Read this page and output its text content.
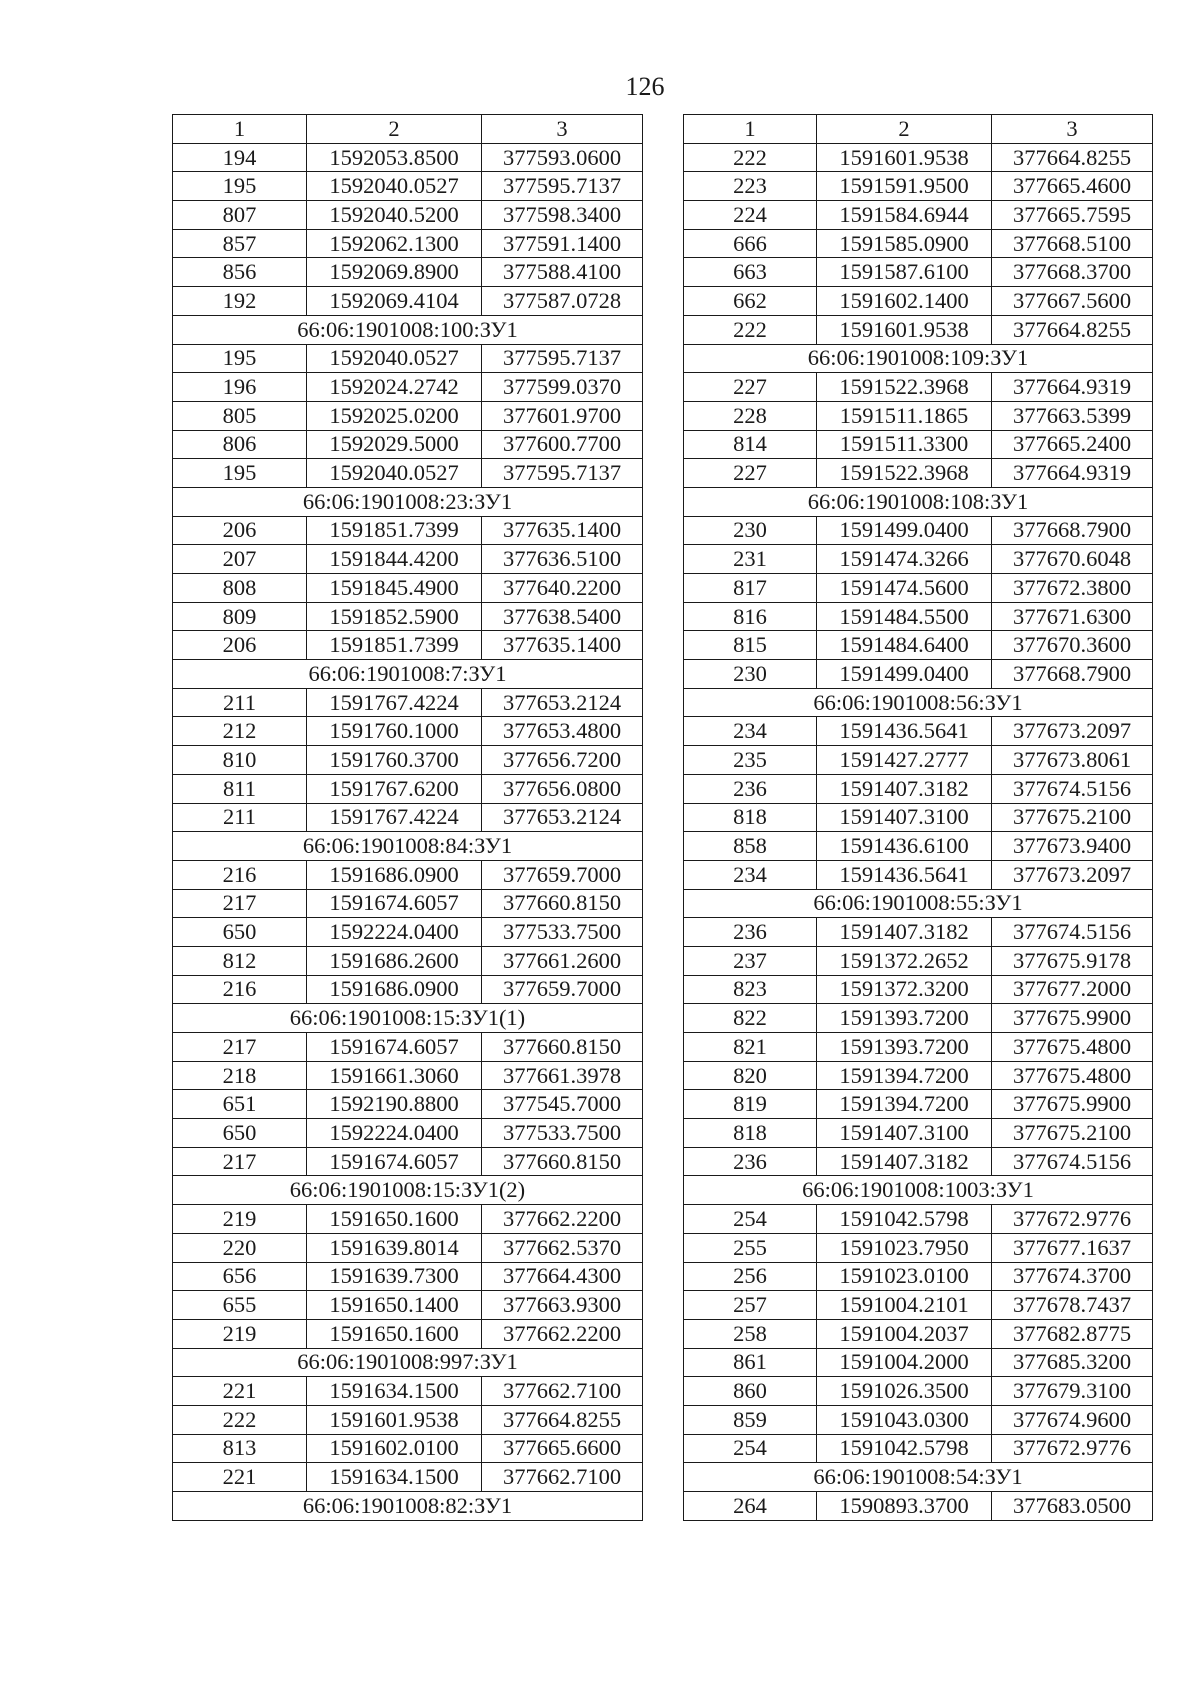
126
1	2	3
194	1592053.8500	377593.0600
195	1592040.0527	377595.7137
807	1592040.5200	377598.3400
857	1592062.1300	377591.1400
856	1592069.8900	377588.4100
192	1592069.4104	377587.0728
66:06:1901008:100:ЗУ1		
195	1592040.0527	377595.7137
196	1592024.2742	377599.0370
805	1592025.0200	377601.9700
806	1592029.5000	377600.7700
195	1592040.0527	377595.7137
66:06:1901008:23:ЗУ1		
206	1591851.7399	377635.1400
207	1591844.4200	377636.5100
808	1591845.4900	377640.2200
809	1591852.5900	377638.5400
206	1591851.7399	377635.1400
66:06:1901008:7:ЗУ1		
211	1591767.4224	377653.2124
212	1591760.1000	377653.4800
810	1591760.3700	377656.7200
811	1591767.6200	377656.0800
211	1591767.4224	377653.2124
66:06:1901008:84:ЗУ1		
216	1591686.0900	377659.7000
217	1591674.6057	377660.8150
650	1592224.0400	377533.7500
812	1591686.2600	377661.2600
216	1591686.0900	377659.7000
66:06:1901008:15:ЗУ1(1)		
217	1591674.6057	377660.8150
218	1591661.3060	377661.3978
651	1592190.8800	377545.7000
650	1592224.0400	377533.7500
217	1591674.6057	377660.8150
66:06:1901008:15:ЗУ1(2)		
219	1591650.1600	377662.2200
220	1591639.8014	377662.5370
656	1591639.7300	377664.4300
655	1591650.1400	377663.9300
219	1591650.1600	377662.2200
66:06:1901008:997:ЗУ1		
221	1591634.1500	377662.7100
222	1591601.9538	377664.8255
813	1591602.0100	377665.6600
221	1591634.1500	377662.7100
66:06:1901008:82:ЗУ1		
1	2	3
222	1591601.9538	377664.8255
223	1591591.9500	377665.4600
224	1591584.6944	377665.7595
666	1591585.0900	377668.5100
663	1591587.6100	377668.3700
662	1591602.1400	377667.5600
222	1591601.9538	377664.8255
66:06:1901008:109:ЗУ1		
227	1591522.3968	377664.9319
228	1591511.1865	377663.5399
814	1591511.3300	377665.2400
227	1591522.3968	377664.9319
66:06:1901008:108:ЗУ1		
230	1591499.0400	377668.7900
231	1591474.3266	377670.6048
817	1591474.5600	377672.3800
816	1591484.5500	377671.6300
815	1591484.6400	377670.3600
230	1591499.0400	377668.7900
66:06:1901008:56:ЗУ1		
234	1591436.5641	377673.2097
235	1591427.2777	377673.8061
236	1591407.3182	377674.5156
818	1591407.3100	377675.2100
858	1591436.6100	377673.9400
234	1591436.5641	377673.2097
66:06:1901008:55:ЗУ1		
236	1591407.3182	377674.5156
237	1591372.2652	377675.9178
823	1591372.3200	377677.2000
822	1591393.7200	377675.9900
821	1591393.7200	377675.4800
820	1591394.7200	377675.4800
819	1591394.7200	377675.9900
818	1591407.3100	377675.2100
236	1591407.3182	377674.5156
66:06:1901008:1003:ЗУ1		
254	1591042.5798	377672.9776
255	1591023.7950	377677.1637
256	1591023.0100	377674.3700
257	1591004.2101	377678.7437
258	1591004.2037	377682.8775
861	1591004.2000	377685.3200
860	1591026.3500	377679.3100
859	1591043.0300	377674.9600
254	1591042.5798	377672.9776
66:06:1901008:54:ЗУ1		
264	1590893.3700	377683.0500
